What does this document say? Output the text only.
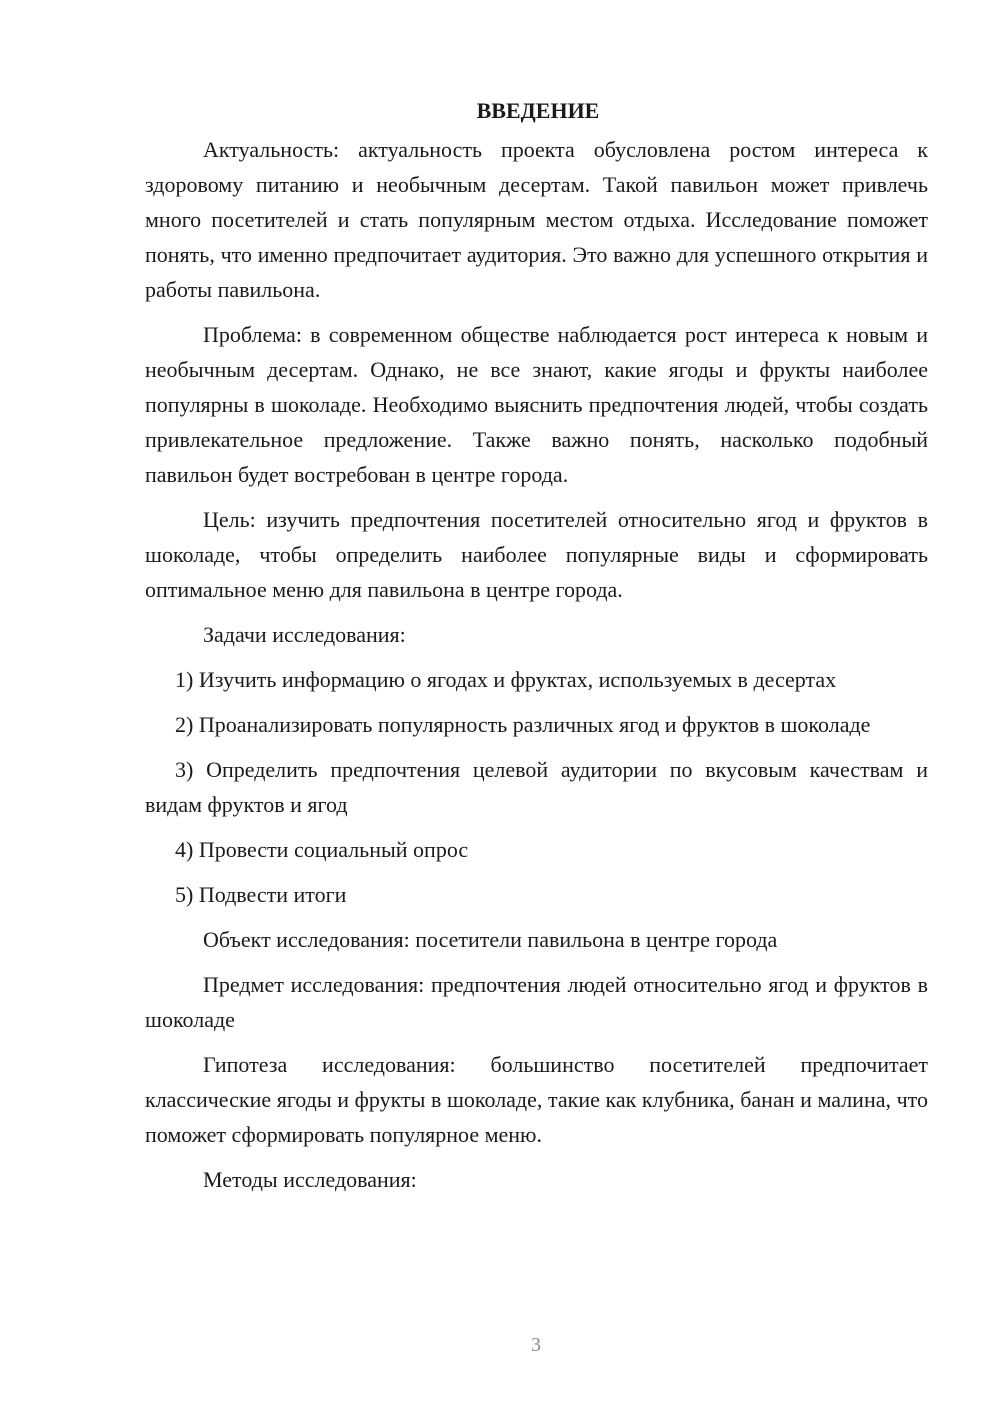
ВВЕДЕНИЕ

Актуальность: актуальность проекта обусловлена ростом интереса к здоровому питанию и необычным десертам. Такой павильон может привлечь много посетителей и стать популярным местом отдыха. Исследование поможет понять, что именно предпочитает аудитория. Это важно для успешного открытия и работы павильона.

Проблема: в современном обществе наблюдается рост интереса к новым и необычным десертам. Однако, не все знают, какие ягоды и фрукты наиболее популярны в шоколаде. Необходимо выяснить предпочтения людей, чтобы создать привлекательное предложение. Также важно понять, насколько подобный павильон будет востребован в центре города.

Цель: изучить предпочтения посетителей относительно ягод и фруктов в шоколаде, чтобы определить наиболее популярные виды и сформировать оптимальное меню для павильона в центре города.

Задачи исследования:

1) Изучить информацию о ягодах и фруктах, используемых в десертах

2) Проанализировать популярность различных ягод и фруктов в шоколаде

3) Определить предпочтения целевой аудитории по вкусовым качествам и видам фруктов и ягод

4) Провести социальный опрос

5) Подвести итоги

Объект исследования: посетители павильона в центре города

Предмет исследования: предпочтения людей относительно ягод и фруктов в шоколаде

Гипотеза исследования: большинство посетителей предпочитает классические ягоды и фрукты в шоколаде, такие как клубника, банан и малина, что поможет сформировать популярное меню.

Методы исследования:

3
